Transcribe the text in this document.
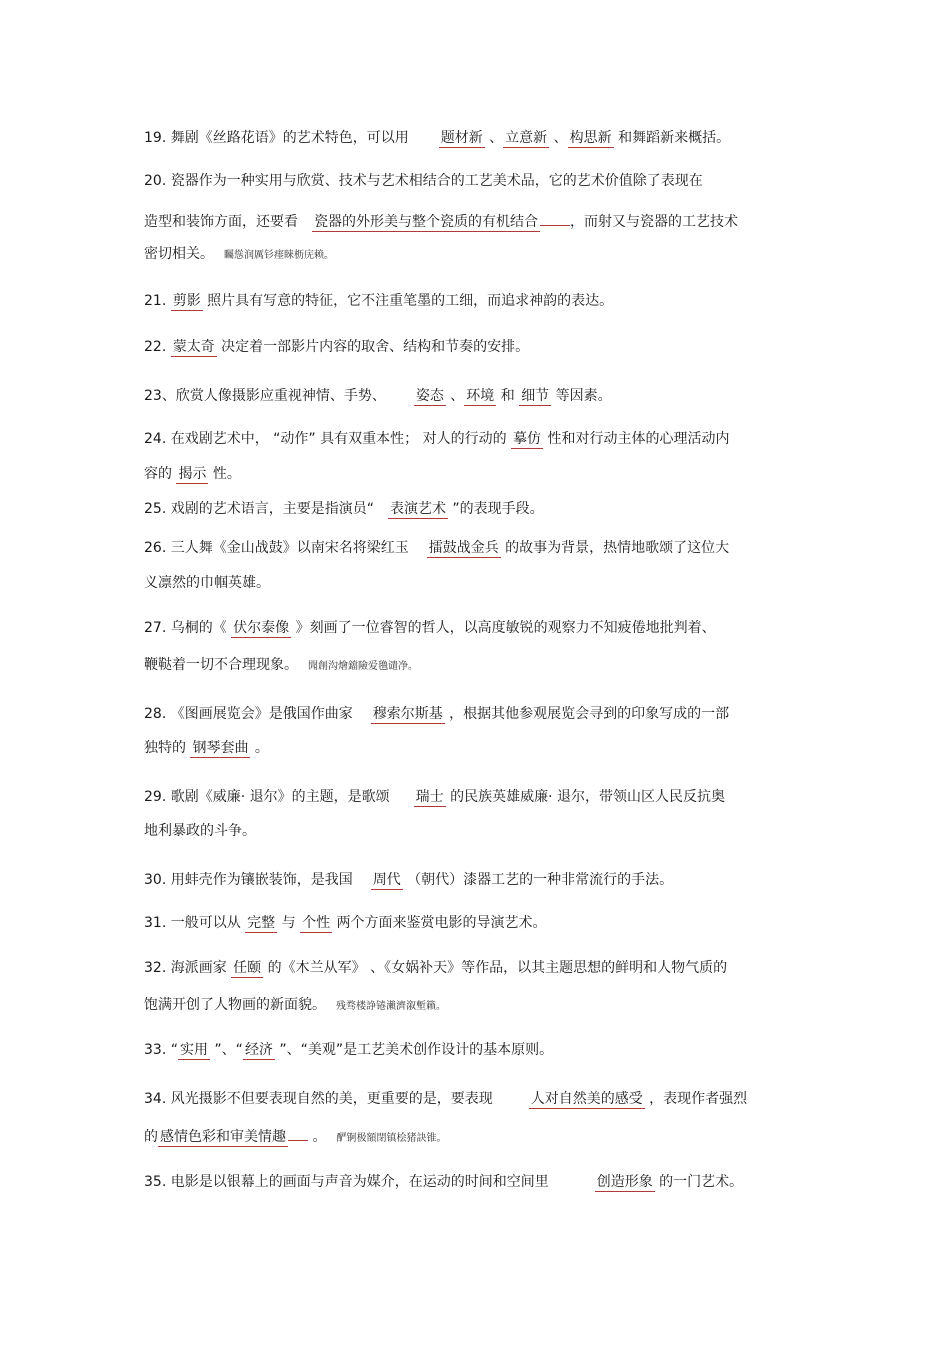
19. 舞剧《丝路花语》的艺术特色，可以用 题材新 、 立意新 、 构思新 和舞蹈新来概括。
20. 瓷器作为一种实用与欣赏、技术与艺术相结合的工艺美术品，它的艺术价值除了表现在
造型和装饰方面，还要看 瓷器的外形美与整个瓷质的有机结合 ，而射又与瓷器的工艺技术
密切相关。 矚慫润厲钐瘗睞枥庑赖。
21. 剪影 照片具有写意的特征，它不注重笔墨的工细，而追求神韵的表达。
22. 蒙太奇 决定着一部影片内容的取舍、结构和节奏的安排。
23、欣赏人像摄影应重视神情、手势、 姿态 、 环境 和 细节 等因素。
24. 在戏剧艺术中， “动作” 具有双重本性； 对人的行动的 摹仿 性和对行动主体的心理活动内
容的 揭示 性。
25. 戏剧的艺术语言，主要是指演员“ 表演艺术 ”的表现手段。
26. 三人舞《金山战鼓》以南宋名将梁红玉 擂鼓战金兵 的故事为背景，热情地歌颂了这位大
义凛然的巾帼英雄。
27. 乌桐的《 伏尔泰像 》刻画了一位睿智的哲人，以高度敏锐的观察力不知疲倦地批判着、
鞭鞑着一切不合理现象。 聞創沟燴鐺險爱氇谴净。
28. 《图画展览会》是俄国作曲家 穆索尔斯基 ，根据其他参观展览会寻到的印象写成的一部
独特的 钢琴套曲 。
29. 歌剧《威廉· 退尔》的主题，是歌颂 瑞士 的民族英雄威廉· 退尔，带领山区人民反抗奥
地利暴政的斗争。
30. 用蚌壳作为镶嵌装饰，是我国 周代 （朝代）漆器工艺的一种非常流行的手法。
31. 一般可以从 完整 与 个性 两个方面来鉴赏电影的导演艺术。
32. 海派画家 任颐 的《木兰从军》 、《女娲补天》等作品，以其主题思想的鲜明和人物气质的
饱满开创了人物画的新面貌。 残骛楼諍锩瀨濟溆塹籟。
33. “ 实用 ”、“ 经济 ”、“美观”是工艺美术创作设计的基本原则。
34. 风光摄影不但要表现自然的美，更重要的是，要表现	人对自然美的感受 ，表现作者强烈
的 感情色彩和审美情趣 。 酽锕极額閉镇桧猪訣锥。
35. 电影是以银幕上的画面与声音为媒介，在运动的时间和空间里	创造形象 的一门艺术。
